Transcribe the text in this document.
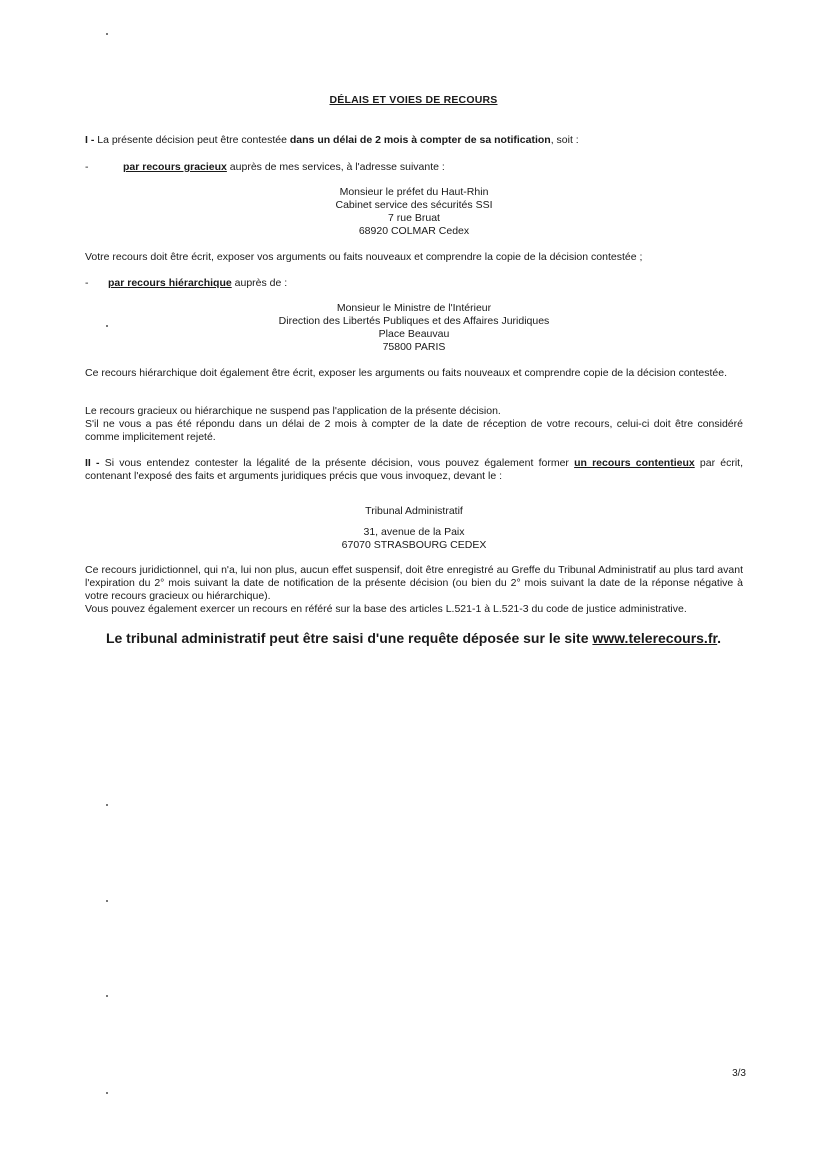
DÉLAIS ET VOIES DE RECOURS
I - La présente décision peut être contestée dans un délai de 2 mois à compter de sa notification, soit :
-	par recours gracieux auprès de mes services, à l'adresse suivante :
Monsieur le préfet du Haut-Rhin
Cabinet service des sécurités SSI
7 rue Bruat
68920 COLMAR Cedex
Votre recours doit être écrit, exposer vos arguments ou faits nouveaux et comprendre la copie de la décision contestée ;
- par recours hiérarchique auprès de :
Monsieur le Ministre de l'Intérieur
Direction des Libertés Publiques et des Affaires Juridiques
Place Beauvau
75800 PARIS
Ce recours hiérarchique doit également être écrit, exposer les arguments ou faits nouveaux et comprendre copie de la décision contestée.
Le recours gracieux ou hiérarchique ne suspend pas l'application de la présente décision.
S'il ne vous a pas été répondu dans un délai de 2 mois à compter de la date de réception de votre recours, celui-ci doit être considéré comme implicitement rejeté.
II - Si vous entendez contester la légalité de la présente décision, vous pouvez également former un recours contentieux par écrit, contenant l'exposé des faits et arguments juridiques précis que vous invoquez, devant le :
Tribunal Administratif
31, avenue de la Paix
67070 STRASBOURG CEDEX
Ce recours juridictionnel, qui n'a, lui non plus, aucun effet suspensif, doit être enregistré au Greffe du Tribunal Administratif au plus tard avant l'expiration du 2° mois suivant la date de notification de la présente décision (ou bien du 2° mois suivant la date de la réponse négative à votre recours gracieux ou hiérarchique).
Vous pouvez également exercer un recours en référé sur la base des articles L.521-1 à L.521-3 du code de justice administrative.
Le tribunal administratif peut être saisi d'une requête déposée sur le site www.telerecours.fr.
3/3
